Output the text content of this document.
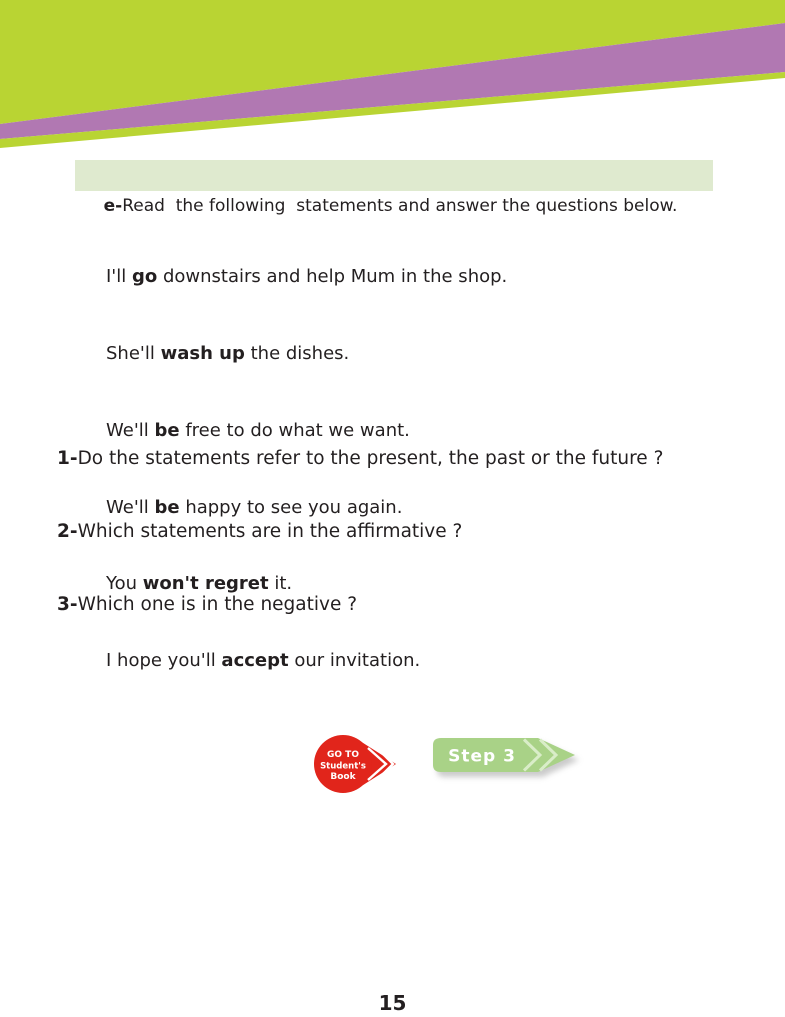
e-Read  the following  statements and answer the questions below.

I'll go downstairs and help Mum in the shop.

She'll wash up the dishes.

We'll be free to do what we want.

We'll be happy to see you again.

You won't regret it.

I hope you'll accept our invitation.

1-Do the statements refer to the present, the past or the future ?

2-Which statements are in the affirmative ?

3-Which one is in the negative ?

GO TO
Student's
Book
Step 3
15
